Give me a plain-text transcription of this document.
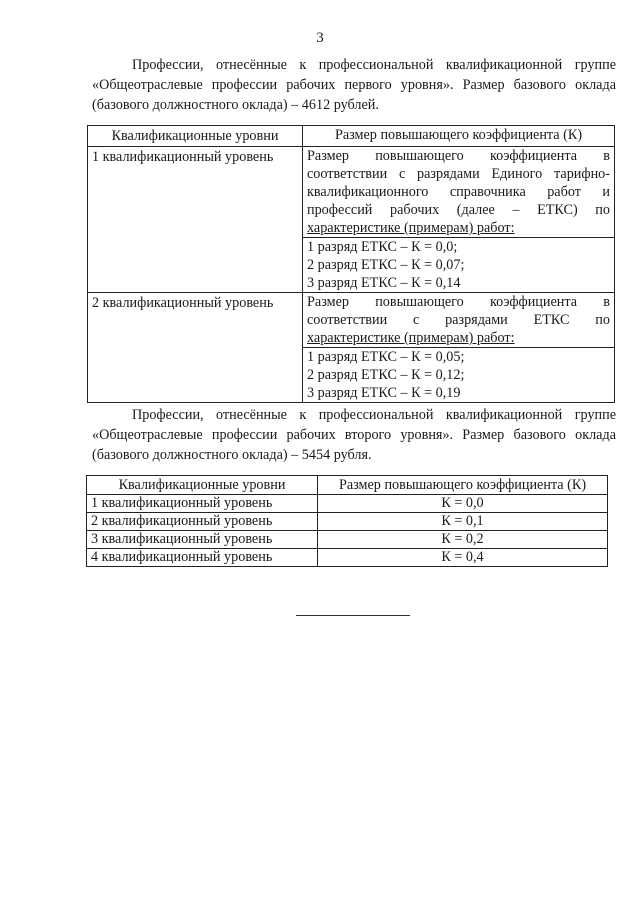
3

Профессии, отнесённые к профессиональной квалификационной группе «Общеотраслевые профессии рабочих первого уровня». Размер базового оклада (базового должностного оклада) – 4612 рублей.

Квалификационные уровни	Размер повышающего коэффициента (К)
1 квалификационный уровень	Размер повышающего коэффициента в соответствии с разрядами Единого тарифно-квалификационного справочника работ и профессий рабочих (далее – ЕТКС) по характеристике (примерам) работ:

	1 разряд ЕТКС – К = 0,0;
2 разряд ЕТКС – К = 0,07;
3 разряд ЕТКС – К = 0,14

2 квалификационный уровень	Размер повышающего коэффициента в соответствии с разрядами ЕТКС по характеристике (примерам) работ:

	1 разряд ЕТКС – К = 0,05;
2 разряд ЕТКС – К = 0,12;
3 разряд ЕТКС – К = 0,19

Профессии, отнесённые к профессиональной квалификационной группе «Общеотраслевые профессии рабочих второго уровня». Размер базового оклада (базового должностного оклада) – 5454 рубля.

Квалификационные уровни	Размер повышающего коэффициента (К)
1 квалификационный уровень	К = 0,0
2 квалификационный уровень	К = 0,1
3 квалификационный уровень	К = 0,2
4 квалификационный уровень	К = 0,4
